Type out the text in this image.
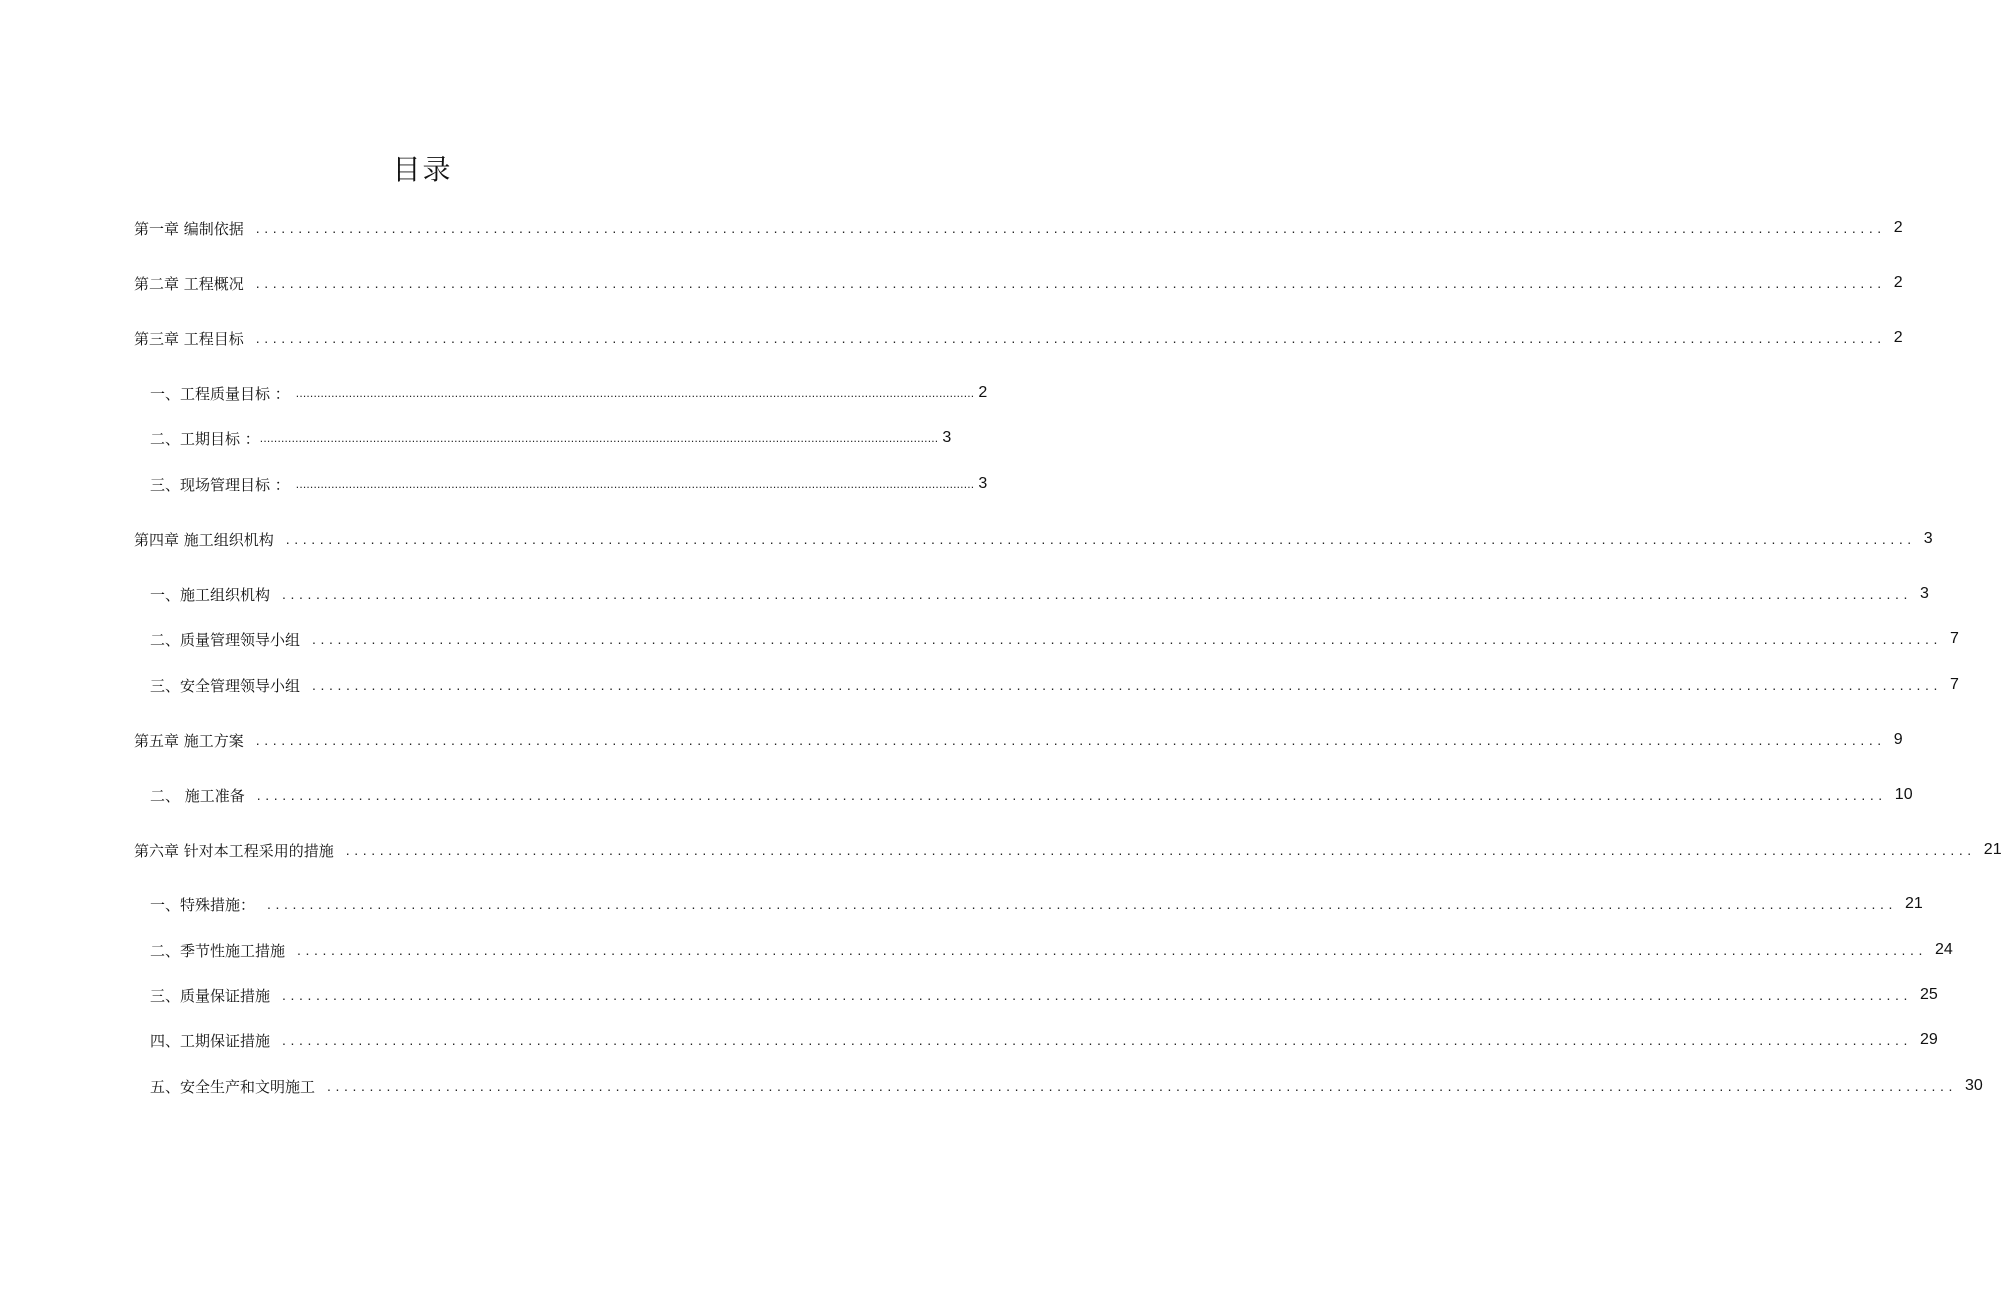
目录
第一章 编制依据 ................................................................................................................................................................................................ 2
第二章 工程概况 ................................................................................................................................................................................................ 2
第三章 工程目标 ................................................................................................................................................................................................ 2
一、工程质量目标 ： ................................................................................................................................................................................................ 2
二、工期目标 ： ................................................................................................................................................................................................ 3
三、现场管理目标 ： ................................................................................................................................................................................................ 3
第四章 施工组织机构 ................................................................................................................................................................................................ 3
一、施工组织机构 ................................................................................................................................................................................................ 3
二、质量管理领导小组 ................................................................................................................................................................................................ 7
三、安全管理领导小组 ................................................................................................................................................................................................ 7
第五章 施工方案 ................................................................................................................................................................................................ 9
二、 施工准备 ................................................................................................................................................................................................ 10
第六章 针对本工程采用的措施 ................................................................................................................................................................................................ 21
一、特殊措施： ................................................................................................................................................................................................ 21
二、季节性施工措施 ................................................................................................................................................................................................ 24
三、质量保证措施 ................................................................................................................................................................................................ 25
四、工期保证措施 ................................................................................................................................................................................................ 29
五、安全生产和文明施工 ................................................................................................................................................................................................ 30
